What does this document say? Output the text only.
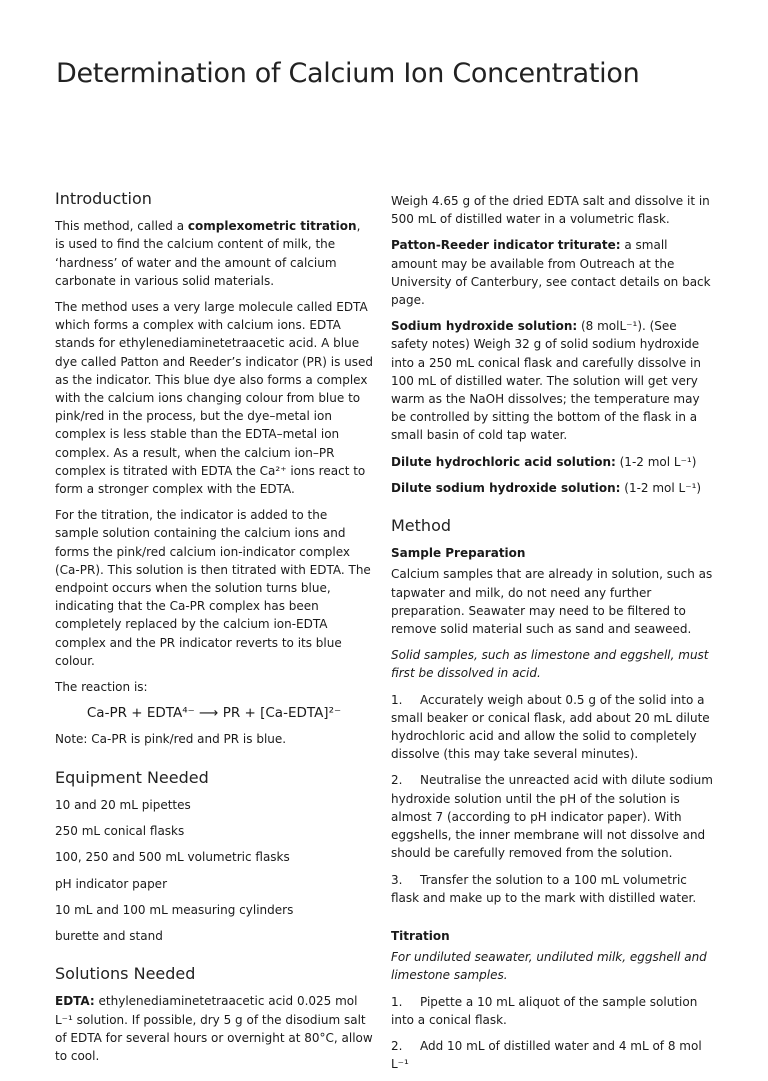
Determination of Calcium Ion Concentration
Introduction

This method, called a complexometric titration, is used to find the calcium content of milk, the ‘hardness’ of water and the amount of calcium carbonate in various solid materials.

The method uses a very large molecule called EDTA which forms a complex with calcium ions. EDTA stands for ethylenediaminetetraacetic acid. A blue dye called Patton and Reeder’s indicator (PR) is used as the indicator. This blue dye also forms a complex with the calcium ions changing colour from blue to pink/red in the process, but the dye–metal ion complex is less stable than the EDTA–metal ion complex. As a result, when the calcium ion–PR complex is titrated with EDTA the Ca²⁺ ions react to form a stronger complex with the EDTA.

For the titration, the indicator is added to the sample solution containing the calcium ions and forms the pink/red calcium ion-indicator complex (Ca-PR). This solution is then titrated with EDTA. The endpoint occurs when the solution turns blue, indicating that the Ca-PR complex has been completely replaced by the calcium ion-EDTA complex and the PR indicator reverts to its blue colour.

The reaction is:

Ca-PR + EDTA⁴⁻ ⟶ PR + [Ca-EDTA]²⁻

Note: Ca-PR is pink/red and PR is blue.

Equipment Needed

10 and 20 mL pipettes

250 mL conical flasks

100, 250 and 500 mL volumetric flasks

pH indicator paper

10 mL and 100 mL measuring cylinders

burette and stand

Solutions Needed

EDTA: ethylenediaminetetraacetic acid 0.025 mol L⁻¹ solution. If possible, dry 5 g of the disodium salt of EDTA for several hours or overnight at 80°C, allow to cool.

Weigh 4.65 g of the dried EDTA salt and dissolve it in 500 mL of distilled water in a volumetric flask.

Patton-Reeder indicator triturate: a small amount may be available from Outreach at the University of Canterbury, see contact details on back page.

Sodium hydroxide solution: (8 molL⁻¹). (See safety notes) Weigh 32 g of solid sodium hydroxide into a 250 mL conical flask and carefully dissolve in 100 mL of distilled water. The solution will get very warm as the NaOH dissolves; the temperature may be controlled by sitting the bottom of the flask in a small basin of cold tap water.

Dilute hydrochloric acid solution: (1-2 mol L⁻¹)

Dilute sodium hydroxide solution: (1-2 mol L⁻¹)

Method
Sample Preparation

Calcium samples that are already in solution, such as tapwater and milk, do not need any further preparation. Seawater may need to be filtered to remove solid material such as sand and seaweed.

Solid samples, such as limestone and eggshell, must first be dissolved in acid.

1. Accurately weigh about 0.5 g of the solid into a small beaker or conical flask, add about 20 mL dilute hydrochloric acid and allow the solid to completely dissolve (this may take several minutes).

2. Neutralise the unreacted acid with dilute sodium hydroxide solution until the pH of the solution is almost 7 (according to pH indicator paper). With eggshells, the inner membrane will not dissolve and should be carefully removed from the solution.

3. Transfer the solution to a 100 mL volumetric flask and make up to the mark with distilled water.

Titration

For undiluted seawater, undiluted milk, eggshell and limestone samples.

1. Pipette a 10 mL aliquot of the sample solution into a conical flask.

2. Add 10 mL of distilled water and 4 mL of 8 mol L⁻¹
